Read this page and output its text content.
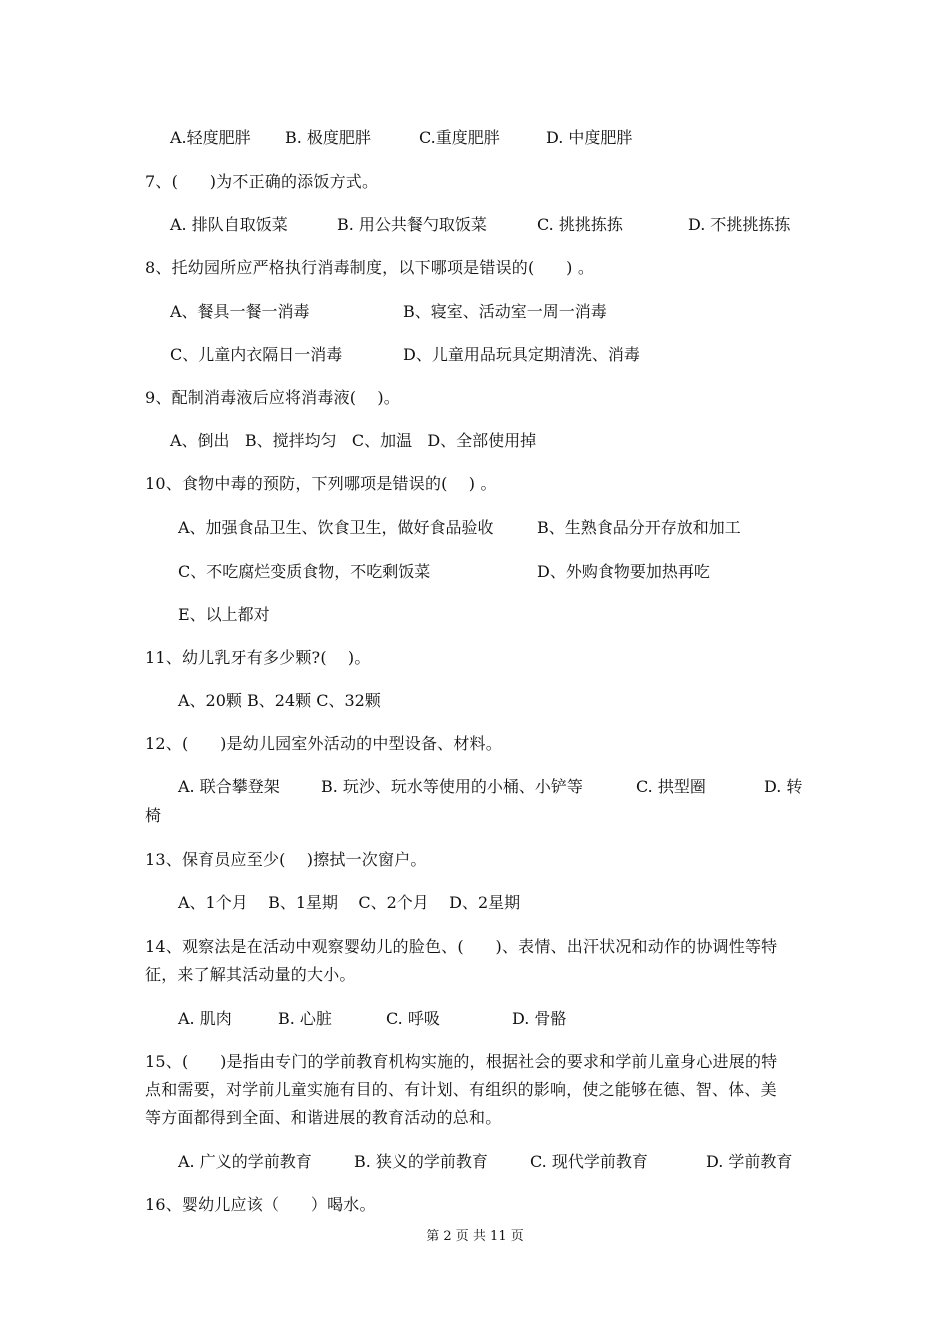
A.轻度肥胖 B. 极度肥胖	C.重度肥胖	D. 中度肥胖
7、(      )为不正确的添饭方式。
A. 排队自取饭菜	B. 用公共餐勺取饭菜	C. 挑挑拣拣	D. 不挑挑拣拣
8、托幼园所应严格执行消毒制度，以下哪项是错误的(      ) 。
A、餐具一餐一消毒	B、寝室、活动室一周一消毒
C、儿童内衣隔日一消毒	D、儿童用品玩具定期清洗、消毒
9、配制消毒液后应将消毒液(    )。
A、倒出   B、搅拌均匀   C、加温   D、全部使用掉
10、食物中毒的预防，下列哪项是错误的(    ) 。
A、加强食品卫生、饮食卫生，做好食品验收	B、生熟食品分开存放和加工
C、不吃腐烂变质食物，不吃剩饭菜	D、外购食物要加热再吃
E、以上都对
11、幼儿乳牙有多少颗?(    )。
A、20颗 B、24颗 C、32颗
12、(      )是幼儿园室外活动的中型设备、材料。
A. 联合攀登架	B. 玩沙、玩水等使用的小桶、小铲等	C. 拱型圈	D. 转
椅
13、保育员应至少(    )擦拭一次窗户。
A、1个月    B、1星期    C、2个月    D、2星期
14、观察法是在活动中观察婴幼儿的脸色、(      )、表情、出汗状况和动作的协调性等特
征，来了解其活动量的大小。
A. 肌肉	B. 心脏	C. 呼吸	D. 骨骼
15、(      )是指由专门的学前教育机构实施的，根据社会的要求和学前儿童身心进展的特
点和需要，对学前儿童实施有目的、有计划、有组织的影响，使之能够在德、智、体、美
等方面都得到全面、和谐进展的教育活动的总和。
A. 广义的学前教育	B. 狭义的学前教育	C. 现代学前教育	D. 学前教育
16、婴幼儿应该（      ）喝水。
第 2 页 共 11 页
